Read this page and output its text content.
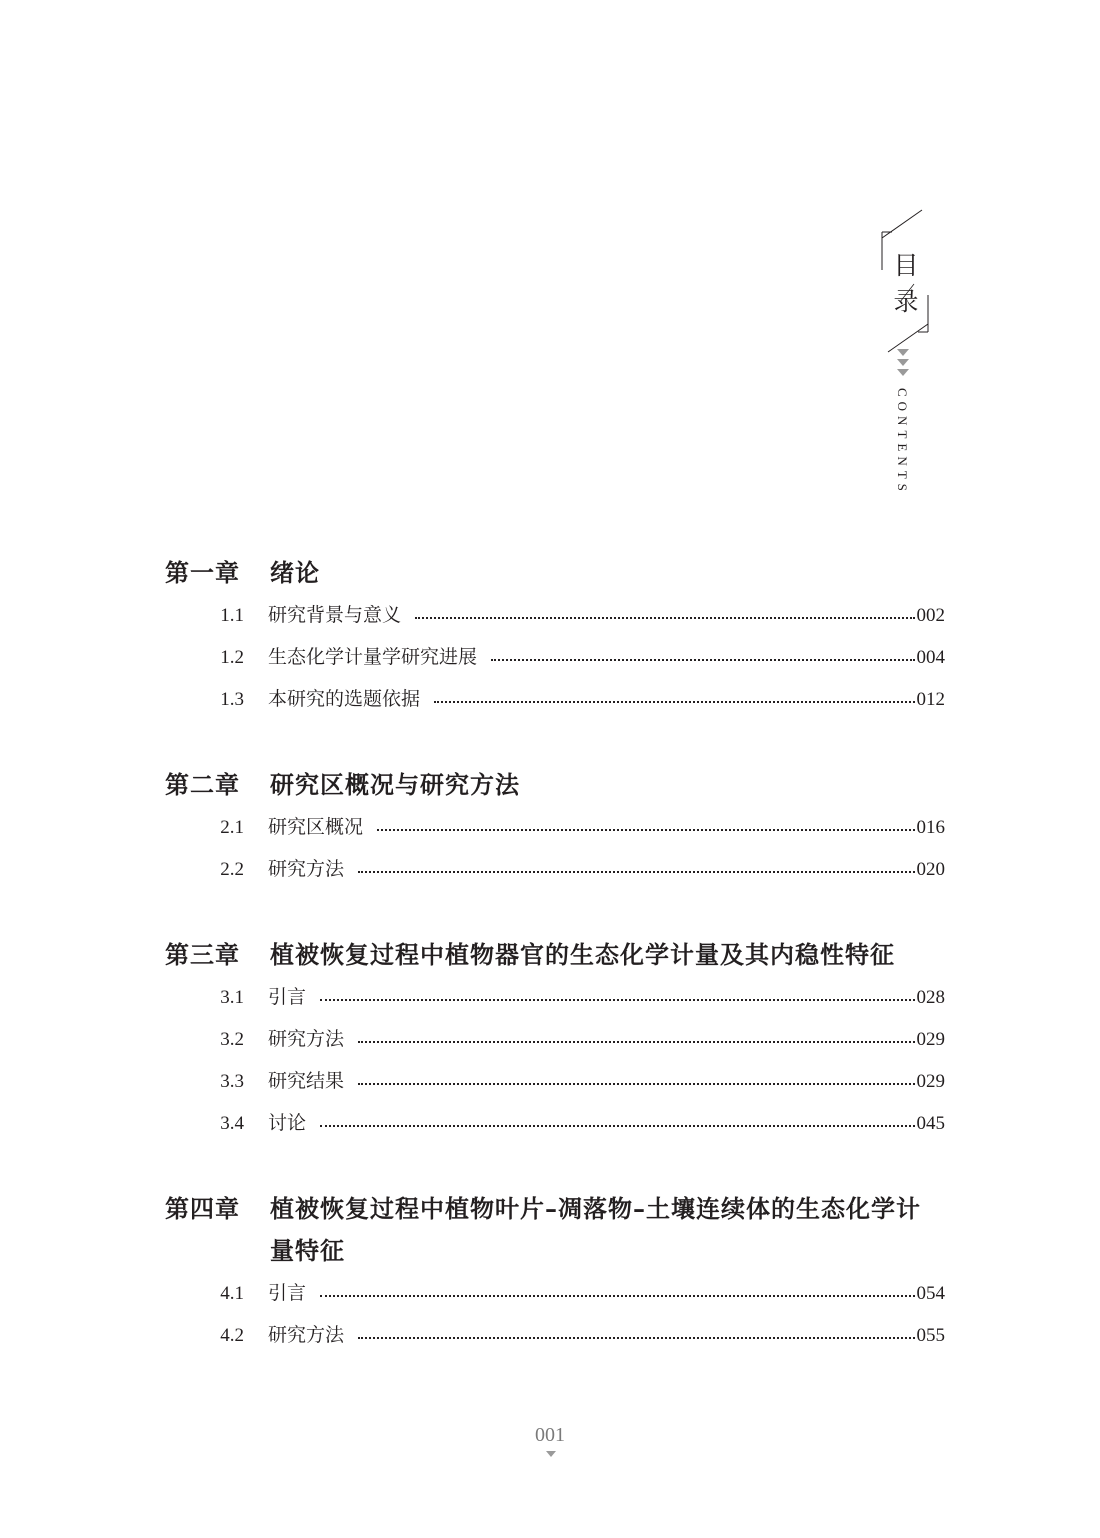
目
录
CONTENTS
第一章	绪论
1.1	研究背景与意义	002
1.2	生态化学计量学研究进展	004
1.3	本研究的选题依据	012
第二章	研究区概况与研究方法
2.1	研究区概况	016
2.2	研究方法	020
第三章	植被恢复过程中植物器官的生态化学计量及其内稳性特征
3.1	引言	028
3.2	研究方法	029
3.3	研究结果	029
3.4	讨论	045
第四章	植被恢复过程中植物叶片–凋落物–土壤连续体的生态化学计量特征
4.1	引言	054
4.2	研究方法	055
001
